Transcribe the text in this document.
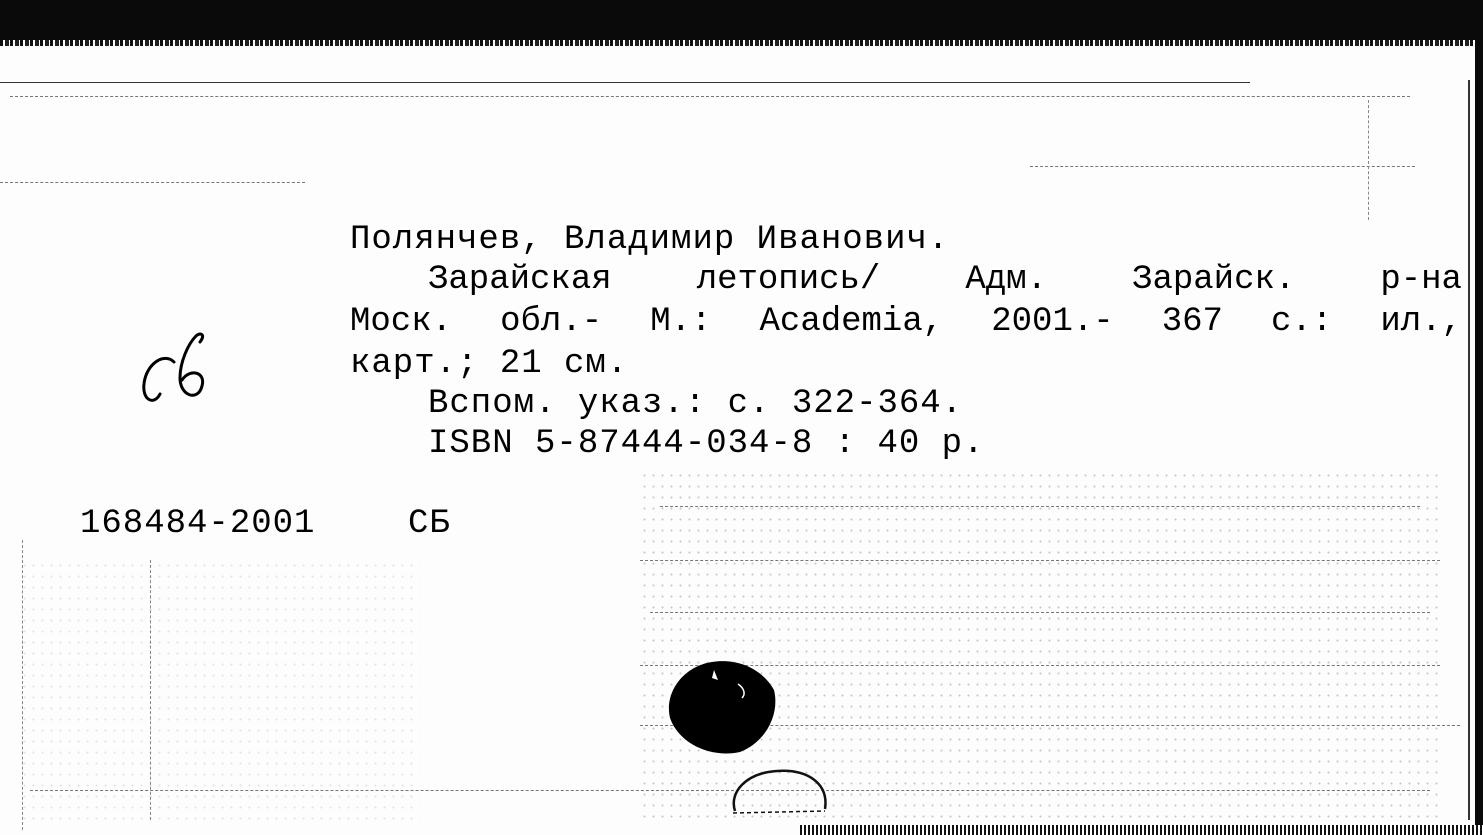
Полянчев, Владимир Иванович.
Зарайская	летопись/	Адм.	Зарайск.	р-на
Моск. обл.- М.: Academia, 2001.- 367 с.: ил.,
карт.; 21 см.
Вспом. указ.: с. 322-364.
ISBN 5-87444-034-8 : 40 р.
168484-2001	СБ
